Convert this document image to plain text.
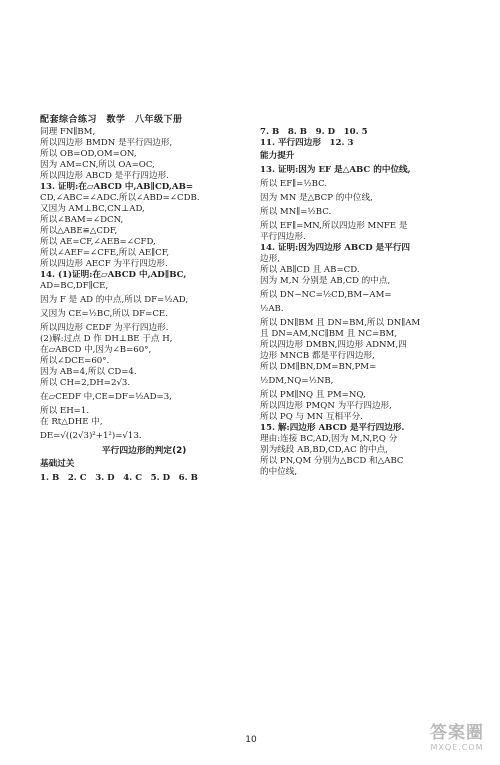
配套综合练习　数学　八年级下册
同理 FN∥BM,
所以四边形 BMDN 是平行四边形,
所以 OB=OD,OM=ON,
因为 AM=CN,所以 OA=OC,
所以四边形 ABCD 是平行四边形.
13. 证明:在▱ABCD 中,AB∥CD,AB=
CD,∠ABC=∠ADC.所以∠ABD=∠CDB.
又因为 AM⊥BC,CN⊥AD,
所以∠BAM=∠DCN,
所以△ABE≌△CDF,
所以 AE=CF,∠AEB=∠CFD,
所以∠AEF=∠CFE,所以 AE∥CF,
所以四边形 AECF 为平行四边形.
14. (1)证明:在▱ABCD 中,AD∥BC,
AD=BC,DF∥CE,
因为 F 是 AD 的中点,所以 DF=½AD,
又因为 CE=½BC,所以 DF=CE.
所以四边形 CEDF 为平行四边形.
(2)解:过点 D 作 DH⊥BE 于点 H,
在▱ABCD 中,因为∠B=60°,
所以∠DCE=60°.
因为 AB=4,所以 CD=4.
所以 CH=2,DH=2√3.
在▱CEDF 中,CE=DF=½AD=3,
所以 EH=1.
在 Rt△DHE 中,
DE=√((2√3)²+1²)=√13.
平行四边形的判定(2)
基础过关
1. B　2. C　3. D　4. C　5. D　6. B
7. B　8. B　9. D　10. 5
11. 平行四边形　12. 3
能力提升
13. 证明:因为 EF 是△ABC 的中位线,
所以 EF∥=½BC.
因为 MN 是△BCP 的中位线,
所以 MN∥=½BC.
所以 EF∥=MN,所以四边形 MNFE 是
平行四边形.
14. 证明:因为四边形 ABCD 是平行四
边形,
所以 AB∥CD 且 AB=CD.
因为 M,N 分别是 AB,CD 的中点,
所以 DN−NC=½CD,BM−AM=
½AB.
所以 DN∥BM 且 DN=BM,所以 DN∥AM
且 DN=AM,NC∥BM 且 NC=BM,
所以四边形 DMBN,四边形 ADNM,四
边形 MNCB 都是平行四边形,
所以 DM∥BN,DM=BN,PM=
½DM,NQ=½NB,
所以 PM∥NQ 且 PM=NQ,
所以四边形 PMQN 为平行四边形,
所以 PQ 与 MN 互相平分.
15. 解:四边形 ABCD 是平行四边形.
理由:连接 BC,AD,因为 M,N,P,Q 分
别为线段 AB,BD,CD,AC 的中点,
所以 PN,QM 分别为△BCD 和△ABC
的中位线,
10	答案圈
MXQE.COM
